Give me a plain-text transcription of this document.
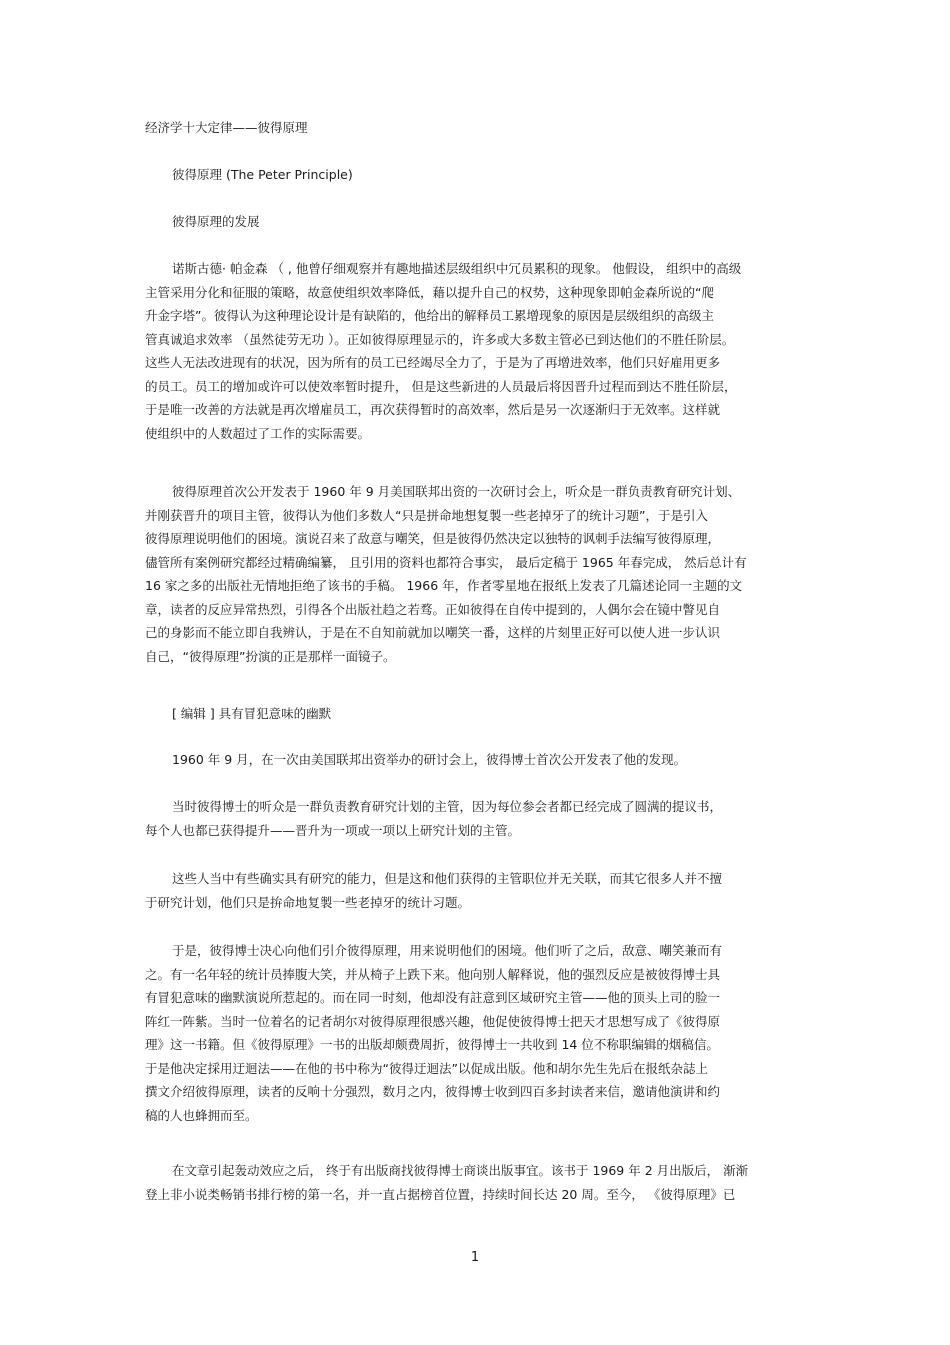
经济学十大定律——彼得原理
彼得原理 (The Peter Principle)
彼得原理的发展
诺斯古德· 帕金森 （ , 他曾仔细观察并有趣地描述层级组织中冗员累积的现象。 他假设， 组织中的高级
主管采用分化和征服的策略，故意使组织效率降低，藉以提升自己的权势，这种现象即帕金森所说的“爬
升金字塔”。彼得认为这种理论设计是有缺陷的，他给出的解释员工累增现象的原因是层级组织的高级主
管真诚追求效率 （虽然徒劳无功 ）。正如彼得原理显示的，许多或大多数主管必已到达他们的不胜任阶层。
这些人无法改进现有的状况，因为所有的员工已经竭尽全力了，于是为了再增进效率，他们只好雇用更多
的员工。员工的增加或许可以使效率暂时提升， 但是这些新进的人员最后将因晋升过程而到达不胜任阶层，
于是唯一改善的方法就是再次增雇员工，再次获得暂时的高效率，然后是另一次逐渐归于无效率。这样就
使组织中的人数超过了工作的实际需要。
彼得原理首次公开发表于 1960 年 9 月美国联邦出资的一次研讨会上，听众是一群负责教育研究计划、
并刚获晋升的项目主管，彼得认为他们多数人“只是拼命地想复製一些老掉牙了的统计习题”，于是引入
彼得原理说明他们的困境。演说召来了敌意与嘲笑，但是彼得仍然决定以独特的讽刺手法编写彼得原理，
儘管所有案例研究都经过精确编纂， 且引用的资料也都符合事实， 最后定稿于 1965 年春完成， 然后总计有
16 家之多的出版社无情地拒绝了该书的手稿。 1966 年，作者零星地在报纸上发表了几篇述论同一主题的文
章，读者的反应异常热烈，引得各个出版社趋之若骛。正如彼得在自传中提到的，人偶尔会在镜中瞥见自
己的身影而不能立即自我辨认，于是在不自知前就加以嘲笑一番，这样的片刻里正好可以使人进一步认识
自己，“彼得原理”扮演的正是那样一面镜子。
[ 编辑 ] 具有冒犯意味的幽默
1960 年 9 月，在一次由美国联邦出资举办的研讨会上，彼得博士首次公开发表了他的发现。
当时彼得博士的听众是一群负责教育研究计划的主管，因为每位参会者都已经完成了圆满的提议书，
每个人也都已获得提升——晋升为一项或一项以上研究计划的主管。
这些人当中有些确实具有研究的能力，但是这和他们获得的主管职位并无关联，而其它很多人并不擅
于研究计划，他们只是拚命地复製一些老掉牙的统计习题。
于是，彼得博士决心向他们引介彼得原理，用来说明他们的困境。他们听了之后，敌意、嘲笑兼而有
之。有一名年轻的统计员捧腹大笑，并从椅子上跌下来。他向别人解释说，他的强烈反应是被彼得博士具
有冒犯意味的幽默演说所惹起的。而在同一时刻，他却没有註意到区域研究主管——他的顶头上司的脸一
阵红一阵紫。当时一位着名的记者胡尔对彼得原理很感兴趣，他促使彼得博士把天才思想写成了《彼得原
理》这一书籍。但《彼得原理》一书的出版却颇费周折，彼得博士一共收到 14 位不称职编辑的烟稿信。
于是他决定採用迂迴法——在他的书中称为“彼得迂迴法”以促成出版。他和胡尔先生先后在报纸杂誌上
撰文介绍彼得原理，读者的反响十分强烈，数月之内，彼得博士收到四百多封读者来信，邀请他演讲和约
稿的人也蜂拥而至。
在文章引起轰动效应之后， 终于有出版商找彼得博士商谈出版事宜。该书于 1969 年 2 月出版后， 渐渐
登上非小说类畅销书排行榜的第一名，并一直占据榜首位置，持续时间长达 20 周。至今， 《彼得原理》已
1
